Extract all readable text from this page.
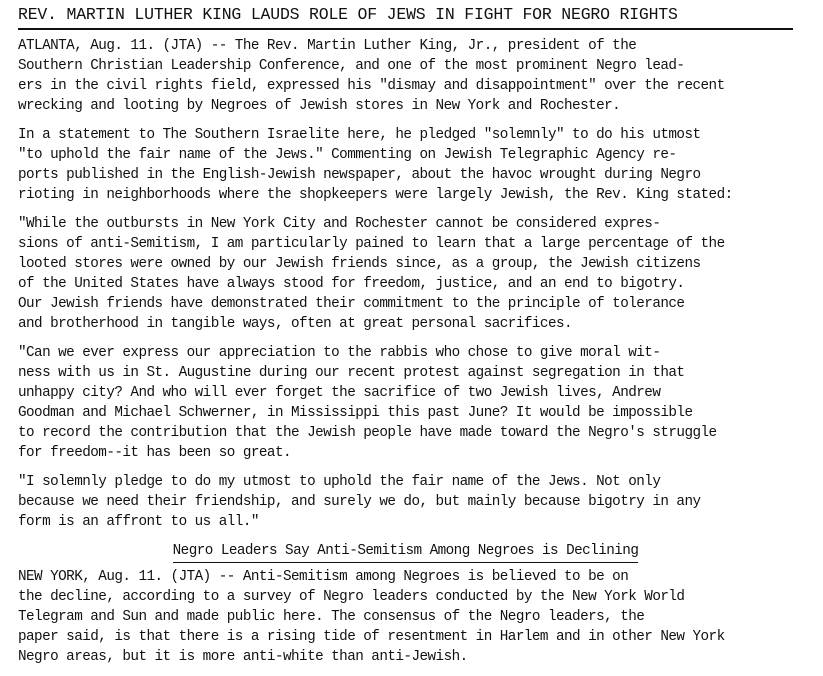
REV. MARTIN LUTHER KING LAUDS ROLE OF JEWS IN FIGHT FOR NEGRO RIGHTS
ATLANTA, Aug. 11. (JTA) -- The Rev. Martin Luther King, Jr., president of the
Southern Christian Leadership Conference, and one of the most prominent Negro lead-
ers in the civil rights field, expressed his "dismay and disappointment" over the recent
wrecking and looting by Negroes of Jewish stores in New York and Rochester.
In a statement to The Southern Israelite here, he pledged "solemnly" to do his utmost
"to uphold the fair name of the Jews." Commenting on Jewish Telegraphic Agency re-
ports published in the English-Jewish newspaper, about the havoc wrought during Negro
rioting in neighborhoods where the shopkeepers were largely Jewish, the Rev. King stated:
"While the outbursts in New York City and Rochester cannot be considered expres-
sions of anti-Semitism, I am particularly pained to learn that a large percentage of the
looted stores were owned by our Jewish friends since, as a group, the Jewish citizens
of the United States have always stood for freedom, justice, and an end to bigotry.
Our Jewish friends have demonstrated their commitment to the principle of tolerance
and brotherhood in tangible ways, often at great personal sacrifices.
"Can we ever express our appreciation to the rabbis who chose to give moral wit-
ness with us in St. Augustine during our recent protest against segregation in that
unhappy city? And who will ever forget the sacrifice of two Jewish lives, Andrew
Goodman and Michael Schwerner, in Mississippi this past June? It would be impossible
to record the contribution that the Jewish people have made toward the Negro's struggle
for freedom--it has been so great.
"I solemnly pledge to do my utmost to uphold the fair name of the Jews. Not only
because we need their friendship, and surely we do, but mainly because bigotry in any
form is an affront to us all."
Negro Leaders Say Anti-Semitism Among Negroes is Declining
NEW YORK, Aug. 11. (JTA) -- Anti-Semitism among Negroes is believed to be on
the decline, according to a survey of Negro leaders conducted by the New York World
Telegram and Sun and made public here. The consensus of the Negro leaders, the
paper said, is that there is a rising tide of resentment in Harlem and in other New York
Negro areas, but it is more anti-white than anti-Jewish.
